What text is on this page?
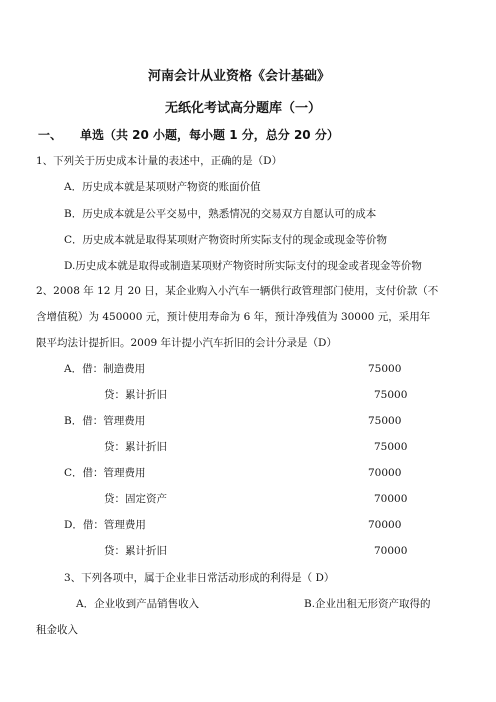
河南会计从业资格《会计基础》
无纸化考试高分题库（一）
一、 单选（共 20 小题，每小题 1 分，总分 20 分）
1、下列关于历史成本计量的表述中，正确的是（D）
A．历史成本就是某项财产物资的账面价值
B．历史成本就是公平交易中，熟悉情况的交易双方自愿认可的成本
C．历史成本就是取得某项财产物资时所实际支付的现金或现金等价物
D.历史成本就是取得或制造某项财产物资时所实际支付的现金或者现金等价物
2、2008 年 12 月 20 日，某企业购入小汽车一辆供行政管理部门使用，支付价款（不
含增值税）为 450000 元，预计使用寿命为 6 年，预计净残值为 30000 元，采用年
限平均法计提折旧。2009 年计提小汽车折旧的会计分录是（D）
A．借：制造费用	75000
贷：累计折旧	75000
B．借：管理费用	75000
贷：累计折旧	75000
C．借：管理费用	70000
贷：固定资产	70000
D．借：管理费用	70000
贷：累计折旧	70000
3、下列各项中，属于企业非日常活动形成的利得是（ D）
A．企业收到产品销售收入	B.企业出租无形资产取得的
租金收入
